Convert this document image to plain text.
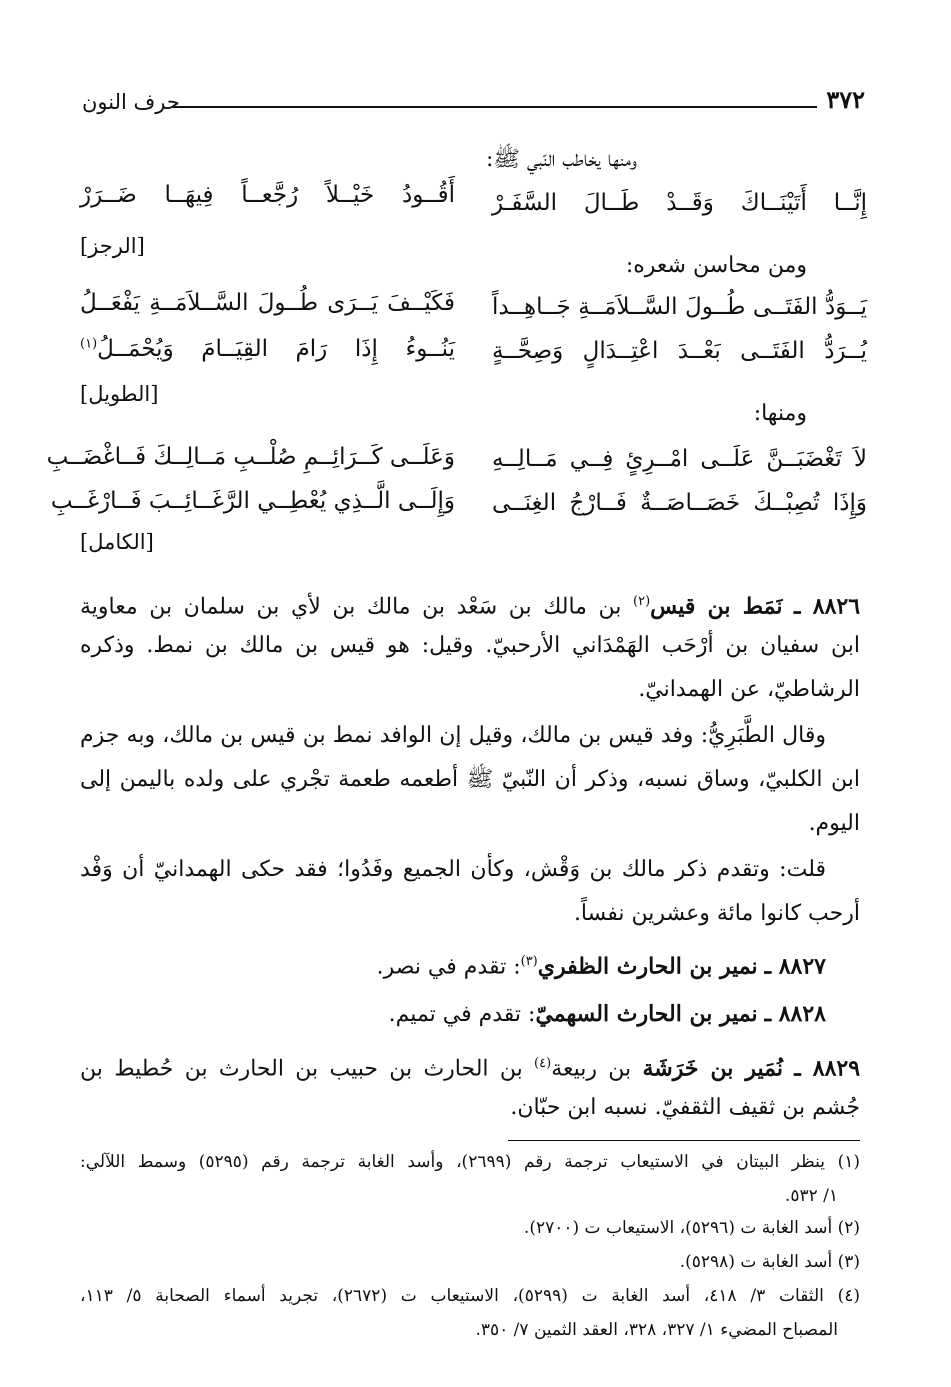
٣٧٢
حرف النون
ومنها يخاطب النّبي ﷺ:
إِنَّــا أَتَيْنَــاكَ وَقَــدْ طَــالَ السَّفَـرْ
أَقُــودُ خَيْــلاً رُجَّعــاً فِيهَــا ضَــرَرْ
[الرجز]
ومن محاسن شعره:
يَــوَدُّ الفَتَــى طُــولَ السَّــلاَمَــةِ جَــاهِــداً
فَكَيْــفَ يَــرَى طُــولَ السَّــلاَمَــةِ يَفْعَــلُ
يُــرَدُّ الفَتَــى بَعْــدَ اعْتِــدَالٍ وَصِحَّــةٍ
يَنُــوءُ إِذَا رَامَ القِيَــامَ وَيُحْمَــلُ$^{(١)}$
[الطويل]
ومنها:
لاَ تَغْضَبَــنَّ عَلَــى امْــرِئٍ فِــي مَــالِــهِ
وَعَلَــى كَــرَائِــمِ صُلْــبِ مَــالِــكَ فَــاغْضَــبِ
وَإِذَا تُصِبْــكَ خَصَــاصَــةٌ فَــارْجُ الغِنَــى
وَإِلَــى الَّــذِي يُعْطِــي الرَّغَــائِــبَ فَــارْغَــبِ
[الكامل]
٨٨٢٦ ـ نَمَط بن قيس$^{(٢)}$ بن مالك بن سَعْد بن مالك بن لأي بن سلمان بن معاوية
ابن سفيان بن أرْحَب الهَمْدَاني الأرحبيّ. وقيل: هو قيس بن مالك بن نمط. وذكره
الرشاطيّ، عن الهمدانيّ.
وقال الطَّبَرِيُّ: وفد قيس بن مالك، وقيل إن الوافد نمط بن قيس بن مالك، وبه جزم
ابن الكلبيّ، وساق نسبه، وذكر أن النّبيّ ﷺ أطعمه طعمة تجْري على ولده باليمن إلى
اليوم.
قلت: وتقدم ذكر مالك بن وَقْش، وكأن الجميع وفَدُوا؛ فقد حكى الهمدانيّ أن وَفْد
أرحب كانوا مائة وعشرين نفساً.
٨٨٢٧ ـ نمير بن الحارث الظفري$^{(٣)}$: تقدم في نصر.
٨٨٢٨ ـ نمير بن الحارث السهميّ: تقدم في تميم.
٨٨٢٩ ـ نُمَير بن خَرَشَة بن ربيعة$^{(٤)}$ بن الحارث بن حبيب بن الحارث بن حُطيط بن
جُشم بن ثقيف الثقفيّ. نسبه ابن حبّان.
(١) ينظر البيتان في الاستيعاب ترجمة رقم (٢٦٩٩)، وأسد الغابة ترجمة رقم (٥٢٩٥) وسمط اللآلي:
١/ ٥٣٢.
(٢) أسد الغابة ت (٥٢٩٦)، الاستيعاب ت (٢٧٠٠).
(٣) أسد الغابة ت (٥٢٩٨).
(٤) الثقات ٣/ ٤١٨، أسد الغابة ت (٥٢٩٩)، الاستيعاب ت (٢٦٧٢)، تجريد أسماء الصحابة ٥/ ١١٣،
المصباح المضيء ١/ ٣٢٧، ٣٢٨، العقد الثمين ٧/ ٣٥٠.
